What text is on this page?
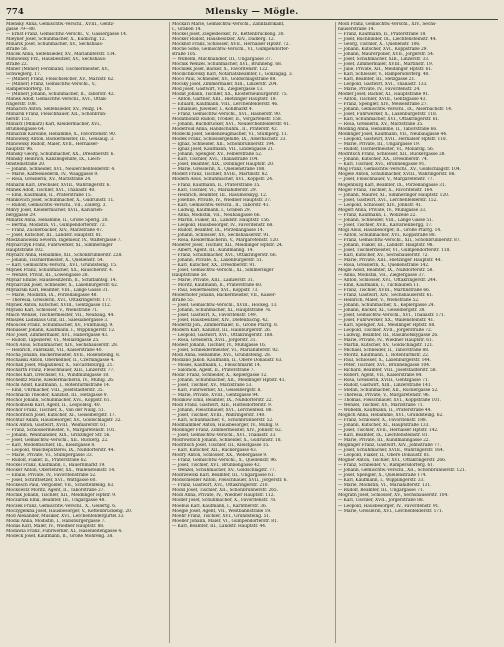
774	Mlensky — Mögle.
Mlensky Anna, Gemischtw.-Verschl., XVIII., Gentz-
gasse 79—80.
— Ernst Franz, Gemischtw.-Verschl., V., Gassergasse 14.
Mleyner Josef, Schuhmacher, X., Kudlichg. 12.
Mlnarik Josef, Schuhmacher, XV., Sechshaus-
straße 58.
Mlíček Anna, Seifensieder, XV., Mariahilferstr. 134.
Mlinowsky Frz., Hausbesitzer, XV., Sechshaus-
straße 22.
Mliner (Mliner) Ferdinand, Tischlermeister, XV.,
Schweglerg. 17.
— (Mliner) Franz, Fleischselcher, XV., Märzstr. 62.
— (Mliner) Franz, Gemischtw.-Verschl., V.,
Rampersdorferg. 18.
— (Mliner) Johann, Schuhmacher, II., Taborstr. 42.
Mlinek Adolf, Gemischtw.-Verschl., XVI., Ottak-
ringerstr. 108.
Mlinarich Anton, Seifensieder, XV., Pelzg. 14.
Mlinarik Franz, Fleischhauer, XII., Schönbrun-
nerstr. 151.
Mlinarz (Mlinarz) Karl, Kleidermacher, XVI.,
Brunnengasse 64.
Mlinarzik Karoline, Hebamme, X., Favoritenstr. 90.
Mlinowsky Anton, Bäckermeister, III., Geusaug. 3.
Mlinowsky Rudolf, Maler, XVII., Hernalser-
hauptstr. 96.
Mlinsky Georg, Schuhmacher, XX., Dresdnerstr. 6.
Mlinsky Heinrich, Kanzleigehilfe, IX., Liech-
tensteinstraße 20.
— Johann, Schneider, XVI., Neulerchenfelderstr. 4.
— Marie, Kaffeesiederin, IV., Waaggasse 9.
— Rosa, Greislerin, XV., Märzstraße 24.
Mlinárik Karl, Drechsler, XVIII., Währingerstr. 6.
Mlínek Adolf, Tischler, XVI., Thaliastr. 40.
— Emil, Kaufmann, II., Praterstraße 15.
Mlinkovich Josef, Schuhmacher, X., Gudrunstr. 11.
— Rudolf, Gemischtw.-Verschl., VII., Zollerg. 3.
Mlkvy Josef, Kleidermacher, XVII., Kalvarien-
berggasse 29.
Mlnarik Anna, Hebamme, II., Große Sperlg. 20.
— Bertha, Modistin, VI., Gumpendorferstr. 72.
— Franz, Zuckerbäcker, XIV., Märzstraße 47.
— Josef, Kutscher, III., Landstr. Hauptstr. 81.
Mlodzianowski Severin, Ingenieur, IV., Waltergasse 7.
Mlynarczyk Franz, Fuhrwerker, XI., Simmeringer
Hauptstraße 102.
Mlynarz Anna, Hebamme, XII., Schönbrunnerstr. 228.
— Johann, Tischlermeister, X., Quellenstr. 54.
— Karl, Gemischtw.-Verschl., XVI., Grundsteing. 15.
Mlynek Franz, Schuhmacher, XX., Rauscherstr. 4.
— Wenzel, Privat, III., Löwengasse 28.
Mlynar Emilie, Hausbesitzerin, II., Schiffamtsg. 14.
Mlynarczik Josef, Schneider, X., Laxenburgerstr. 62.
Mlynarski Karl, Beamter, VIII., Lange Gasse 31.
— Marie, Modistin, IX., Porzellangasse 48.
— Theresia, Greislerin, XVI., Ottakringerstr. 177.
Mlynek Anton, Kutscher, XVIII., Gentzgasse 112.
Mlynski Karl, Schlosser, V., Wienstraße 71.
Mnich Wenzel, Tischlermeister, VII., Neubaug. 44.
Mniszek Ladislaus Graf, III., Salesianergasse 3.
Mnoucek Franz, Schuhmacher, XV., Fünfhausg. 9.
Mobasser Johann, Kaufmann, I., Wipplingerstr. 12.
Moc Josef, Zimmermaler, XVI., Haberlgasse 43.
— Rudolf, Tapezierer, VI., Mollardgasse 25.
Moch Alois, Schuhmacher, XIV., Sechshauserstr. 28.
— Heinrich, Fabrikant, VII., Kaiserstraße 40.
Mocha Johann, Bäckermeister, XVII., Rosensteing. 8.
Mochalski Anton, Oberkellner, II., Czerningasse 4.
Mochan Josef, Magazineur, X., Siccardsburgg. 21.
Mocharth Franz, Fleischhauer, XIII., Linzerstr. 77.
Mochel Karl, Drechsler, VI., Windmühlgasse 18.
Mochelitz Marie, Kleidermacherin, IV., Mühlg. 26.
Mochl Adolf, Kaufmann, I., Rotenturmstraße 14.
— Emil, Uhrmacher, VIII., Josefstädterstr. 35.
Mochnacki Theodor, Kanzlist, III., Hetzgasse 9.
Mochol Johann, Schuhmacher, XVI., Koppstr. 61.
Mochomoski Karl, Agent, II., Leopoldsg. 40.
Mochor Franz, Tischler, X., Van der Nüllg. 51.
Mochoritsch Josef, Kutscher, XI., Geiselbergstr. 17.
Mochtar Adam, Hausbesorger, XV., Goldschlagstr. 32.
Mock Anton, Gastwirt, XVIII., Weimarerstr. 61.
— Franz, Schlossermeister, V., Margaretenstr. 101.
— Johann, Weinhändler, XIX., Grinzinger Str. 56.
— Josef, Gemischtw.-Verschl., XII., Ruckerg. 22.
— Karl, Modelltischler, III., Kleistgasse 8.
— Leopold, Wäscheputzerei, IX., Nußdorferstr. 44.
— Marie, Private, VI., Stumpergasse 33.
— Rudolf, Fiaker, II., Praterstraße 62.
Mockel Franz, Kaufmann, I., Bauernmarkt 19.
Mocker Anton, Oberlehrer, XX., Wallensteinstr. 14.
— Emilie, Private, IV., Favoritenstraße 52.
— Josef, Schriftsetzer, XVI., Wattgasse 60.
Mockesch Paul, Vergolder, VII., Schottenfeldg. 63.
Mockowitz Moritz, Agent, II., Taborstraße 27.
Mocnik Johann, Tischler, XII., Meidlinger Hptstr. 9.
Moczarski Emil, Beamter, III., Ungargasse 48.
Moczek Franz, Gemischtw.-Verschl., X., Gellertg. 6.
Moczygemba Josef, Hausbesorger, V., Kettenbrückeng. 20.
Mod Alexander, Musiker, XVI., Lerchenfeldergürtel 33.
Modal Anna, Modistin, I., Habsburgergasse 7.
Modas Karl, Maler, IV., Wiedner Hauptstr. 88.
Modawia Franz, Fuhrwerker, XI., Hasenleitengasse 4.
Modeck Josef, Kaufmann, II., Große Mohreng. 38.
Mockari Marie, Gemischtw.-Verschl., Zahnfabrikant,
I., Graben 14.
Mockel Josef, Ziegeldecker, IV., Kettenbrückeng. 30.
Mocker Rudolf, Hausbesitzer, XIV., Dadlerg. 12.
Mockhof Franz, Schlosser, XVII., Hernalser Hptstr. 72.
Mocne Sofie, Gemischtw.-Verschl., VI., Gumpendorfer-
straße 105.
— Wilhelm, Milchhändler, III., Ungargasse 37.
Mocnik Wenzel, Schuhmacher, XVI., Brunneng. 68.
Mocnilek Josef, Bäcker, X., Favoritenstr. 122.
Mocinchkovsky Karl, Notariatsbeamter, I., Gonzagag. 3.
Moco Paul, Schneider, XV., Goldschlagstraße 88.
Mocsky Josef, Zimmermaler, XIII., Linzerstr. 204.
Mod Josef, Gastwirt, VII., Zieglergasse 13.
Modat Johann, Tischler, XX., Klosterneuburgerstr. 75.
— Anton, Gärtner, XIII., Hietzinger Hauptstr. 18.
— Eduard, Kaufmann, VIII., Lerchenfelderstr. 46.
— Emanuel, Juwelier, I., Kohlmarkt 4.
— Franz, Gemischtw.-Verschl., XVI., Hasnerstr. 90.
Modathonitz Rudolf, Trödler, II., Vorgartenstr. 158.
— Johann, Buchdrucker, XVI., Neulerchenfelderstr. 41.
Modefroid Anna, Handschuhm., II., Praterstr. 42.
Modecki Josef, Seidenzeugmacher, VI., Stumperg. 11.
Modek Franz, Schlossergehilfe, IX., Alserbachstr. 33.
— Ignaz, Schneider, XII., Schönbrunnerstr. 194.
— Ignaz Josef, Kaufmann, VII., Lindengasse 21.
— Johann, Spengler, XV., Felberstraße 52.
— Karl, Tischler, XVI., Thaliastraße 104.
— Josef, Beamter, XIX., Döblinger Hauptstr. 20.
— Marie, Greislerin, X., Quellenstraße 188.
Moderl Franz, Tischler, XVIII., Martinstr. 82.
Modern Alois, Schuhmacher, XVI., Koppstr. 24.
— Franz, Kaufmann, II., Praterstraße 35.
— Karl, Tischler, VI., Mariahilferstr. 29.
— Heinrich, Beamter, III., Rasumofskyg. 12.
— Josefine, Private, IV., Wiedner Hauptstr. 37.
— Karl, Gemischtw.-Verschl., II., Taborstr. 41.
— Ludwig, Kaufmann, I., Graben 29.
— Anna, Modistin, VII., Neubaugasse 66.
— Martin, Fiaker, III., Landstr. Hauptstr. 156.
— Leopold, Hausbesorger, IV., Favoritenstr. 68.
— Rudolf, Beamter, IX., Porzellangasse 14.
— Johann, Schlosser, XV., Sechshauserstr. 91.
— Rosa, Kleidermacherin, V., Margaretenstr. 120.
Moderer Josef, Tischler, XII., Meidlinger Hptstr. 24.
— Albert, Agent, III., Kundmanng. 14.
— Franz, Schuhmacher, XVI., Ottakringerstr. 66.
— Johann, Private, X., Laxenburgerstr. 51.
— Karl, Kutscher, XX., Dresdnerstr. 91.
— Josef, Gemischtw.-Verschl., XI., Simmeringer
Hauptstraße 58.
— Marie, Private, XIII., Lainzerstr. 31.
— Moritz, Kaufmann, II., Praterstraße 60.
— Paul, Seilermeister, XVI., Koppstr. 73.
Moderhofer Johann, Bäckermeister, VII., Kaiser-
straße 55.
— Josef, Gemischtw.-Verschl., XVIII., Hockeg. 13.
— Johann, Schuhmacher, XI., Hauptstraße 76.
— Josef, Gastwirt, X., Favoritenstr. 149.
— Josef, Hausbesitzer, XIV., Diefenbachg. 42.
Moderitz Joh., Zimmermaler, II., Große Pfarrg. 8.
Modern Karl, Kanzlist, III., Hainburgerstr. 26.
— Leopold, Gastwirt, XVI., Ottakringerstr. 188.
— Rosa, Greislerin, XVII., Jörgerstr. 31.
Modest Johann, Tischler, IV., Mühlgasse 16.
— Josef, Schneidermeister, VI., Mariahilferstr. 92.
Modi Anna, Hebamme, XVI., Grundsteing. 28.
Modiano Jakob, Kaufmann, II., Obere Donaustr. 63.
— Moses, Kaufmann, I., Fleischmarkt 14.
— Salomon, Agent, II., Praterstraße 7.
Modic Franz, Schneider, X., Keplergasse 12.
— Johann, Schuhmacher, XII., Meidlinger Hptstr. 41.
— Josef, Tischler, XV., Märzstraße 53.
— Karl, Fuhrwerker, XI., Geiselbergstr. 8.
— Marie, Private, XVIII., Gentzgasse 94.
Modikow Emil, Beamter, IX., Nußdorferstr. 22.
Modl Franz, Gastwirt, XIII., Hütteldorferstr. 9.
— Johann, Fleischhauer, XVI., Lerchenfeld. 88.
— Josef, Tischler, XVIII., Währingerstr. 140.
— Karl, Schuhmacher, V., Schönbrunnerstr. 52.
Modlhammer Anton, Hausbesorger, IV., Mühlg. 9.
Modlinger Franz, Zimmermeister, XIV., Johnstr. 62.
— Josef, Gemischtw.-Verschl., XVI., Thaliastr. 33.
Modrowitsch Johann, Schneider, X., Gudrunstr. 18.
Modritsch Josef, Tischler, III., Kleistgasse 15.
— Karl, Kutscher, XII., Ruckergasse 43.
Modry Anton, Schlosser, XX., Webergasse 9.
— Franz, Gemischtw.-Verschl., X., Quellenstr. 96.
— Josef, Tischler, XVI., Brunnengasse 42.
— Wenzel, Schuhmacher, XV., Goldschlagstr. 77.
Modrzewski Karl, Beamter, III., Ungargasse 61.
Modschiedler Anton, Fleischhauer, XVII., Jörgerstr. 6.
— Franz, Gastwirt, XVI., Ottakringerstr. 210.
Modsl Josef, Tischler, XII., Schönbrunnerstr. 265.
Mödl Anna, Private, IV., Wiedner Hauptstr. 112.
Mödler Josef, Schuhmacher, X., Favoritenstr. 78.
Moebus Karl, Kaufmann, I., Kärntnerstr. 36.
Moegle Josef, Agent, VII., Westbahnstraße 19.
Moehr Franz, Tischler, XVI., Grundsteing. 51.
Moeller Johann, Maler, VI., Gumpendorferstr. 81.
— Karl, Beamter, III., Landstr. Hauptstr. 44.
Mödl Franz, Gemischtw.-Verschl., XIV., Sechs-
hauserstraße 14.
— Franz, Kaufmann, II., Praterstraße 18.
— Josef, Buchbinder, IX., Liechtensteinstr. 44.
— Georg, Tischler, X., Quellenstr. 106.
— Johann, Kutscher, XVI., Koppstraße 29.
— Johann, Maurerpolier, XVII., Jörgerstr. 54.
— Josef, Schuhmacher, XIII., Linzerstr. 33.
— Josef, Zimmermaler, XVIII., Martinstr. 19.
— Julie, Private, XII., Meidlinger Hptstr. 61.
— Karl, Schlosser, V., Rampersdorferg. 40.
— Karl, Beamter, III., Hetzgasse 21.
— Leopold, Gastwirt, XVI., Thaliastr. 133.
— Marie, Private, IV., Favoritenstr. 24.
Mödler Josef, Bäcker, XI., Hauptstraße 91.
— Anton, Tischler, XVIII., Gentzgasse 43.
— Franz, Spengler, XIV., Meiselstraße 27.
— Johann, Gemischtw.-Verschl., IX., Alserbachstr. 14.
— Josef, Fuhrwerker, X., Laxenburgerstr. 118.
— Karl, Schuhmacher, XVI., Ottakringerstr. 61.
— Rosa, Greislerin, XV., Märzstraße 35.
Mödling Anna, Hebamme, II., Taborstraße 66.
Mödlinger Josef, Kaufmann, VII., Neubaugasse 44.
— Leopold, Gastwirt, XVII., Hernalser Hptstr. 118.
— Marie, Private, III., Ungargasse 19.
— Rudolf, Tischlermeister, VI., Mollardg. 56.
Mödritsch Franz, Schlosser, XII., Ruckergasse 28.
— Johann, Kutscher, XX., Dresdnerstr. 74.
— Karl, Tischler, XVI., Brunnengasse 91.
Mög Franz, Gemischtw.-Verschl., XV., Goldschlagstr. 104.
Mögele Anton, Schuhmacher, XVIII., Währingerstr. 88.
— Josef, Fleischhauer, V., Margaretenstr. 77.
Mögenburg Karl, Beamter, IX., Porzellangasse 31.
Möger Franz, Tischler, X., Favoritenstr. 164.
— Johann, Maurer, XI., Simmeringer Hauptstr. 120.
— Josef, Gastwirt, XVI., Lerchenfelderstr. 152.
— Leopold, Schlosser, XIV., Johnstr. 41.
Mögerl Anna, Private, IV., Mühlgasse 33.
— Franz, Kaufmann, I., Wollzeile 22.
— Johann, Schneider, VIII., Lange Gasse 51.
— Josef, Tischler, XVII., Kalvarienbergg. 17.
Mögl Alois, Hausbesorger, II., Große Pfarrg. 14.
— Anton, Schuhmacher, XVI., Koppstraße 88.
— Franz, Gemischtw.-Verschl., XII., Schönbrunnerstr. 87.
— Johann, Fiaker, III., Landstr. Hauptstr. 98.
— Josef, Tischlermeister, VI., Gumpendorferstr. 118.
— Karl, Kutscher, XV., Sechshauserstr. 72.
— Marie, Private, XIII., Hietzinger Hauptstr. 44.
— Rosa, Greislerin, X., Quellenstraße 142.
Mögle Adolf, Beamter, IX., Nußdorferstr. 58.
— Anna, Modistin, VII., Zieglergasse 37.
— Anton, Schlosser, XVI., Ottakringerstr. 244.
— Emil, Kaufmann, I., Tuchlauben 11.
— Franz, Tischler, XVIII., Martinstraße 66.
— Franz, Gastwirt, XIV., Sechshauserstr. 61.
— Heinrich, Maler, V., Wienstraße 52.
— Johann, Schuhmacher, X., Keplergasse 24.
— Johann, Bäcker, XI., Geiselbergstr. 38.
— Josef, Gemischtw.-Verschl., XVI., Thaliastr. 171.
— Josef, Fuhrwerker, XX., Wallensteinstr. 41.
— Karl, Spengler, XII., Meidlinger Hptstr. 88.
— Leopold, Tischler, XVII., Jörgerstraße 72.
— Ludwig, Beamter, III., Rasumofskygasse 26.
— Marie, Private, IV., Wiedner Hauptstr. 61.
— Martin, Kutscher, XV., Goldschlagstr. 121.
— Michael, Schneider, II., Taborstraße 88.
— Moritz, Kaufmann, I., Rotenturmstr. 22.
— Paul, Schlosser, X., Laxenburgerstr. 144.
— Peter, Tischler, XVI., Brunnengasse 104.
— Richard, Beamter, VIII., Josefstädterstr. 58.
— Robert, Agent, VII., Kaiserstraße 84.
— Rosa, Greislerin, XVIII., Gentzgasse 71.
— Rudolf, Gastwirt, XIII., Linzerstraße 141.
— Stefan, Schuhmacher, XII., Ruckergasse 52.
— Theresia, Private, V., Margaretenstr. 96.
— Thomas, Fleischhauer, XVI., Koppstraße 101.
— Wenzel, Tischler, XV., Märzstraße 71.
— Wilhelm, Kaufmann, II., Praterstraße 44.
Möglich Anna, Hebamme, XVI., Grundsteing. 62.
— Franz, Schlosser, X., Favoritenstr. 188.
— Johann, Kutscher, XI., Hauptstraße 133.
— Josef, Tischler, XVII., Hernalser Hptstr. 142.
— Karl, Beamter, IX., Liechtensteinstr. 81.
— Marie, Private, III., Kundmanngasse 22.
Möglinger Franz, Gastwirt, XIV., Johnstraße 77.
— Josef, Schuhmacher, XVIII., Währingerstr. 164.
— Leopold, Fiaker, II., Obere Donaustr. 81.
Mögner Anton, Tischler, XVI., Ottakringerstr. 266.
— Franz, Schneider, V., Rampersdorferg. 61.
— Johann, Gemischtw.-Verschl., XII., Schönbrunnerstr. 121.
— Josef, Spengler, X., Quellenstraße 174.
— Karl, Kaufmann, I., Wipplingerstr. 33.
— Marie, Modistin, VI., Mariahilferstr. 131.
— Rudolf, Beamter, III., Ungargasse 71.
Mögrath Josef, Schlosser, XV., Sechshauserstr. 104.
— Karl, Tischler, XVII., Jörgerstraße 88.
— Leopold, Hausbesorger, IV., Favoritenstr. 91.
— Marie, Greislerin, XVI., Lerchenfelderstr. 171.
